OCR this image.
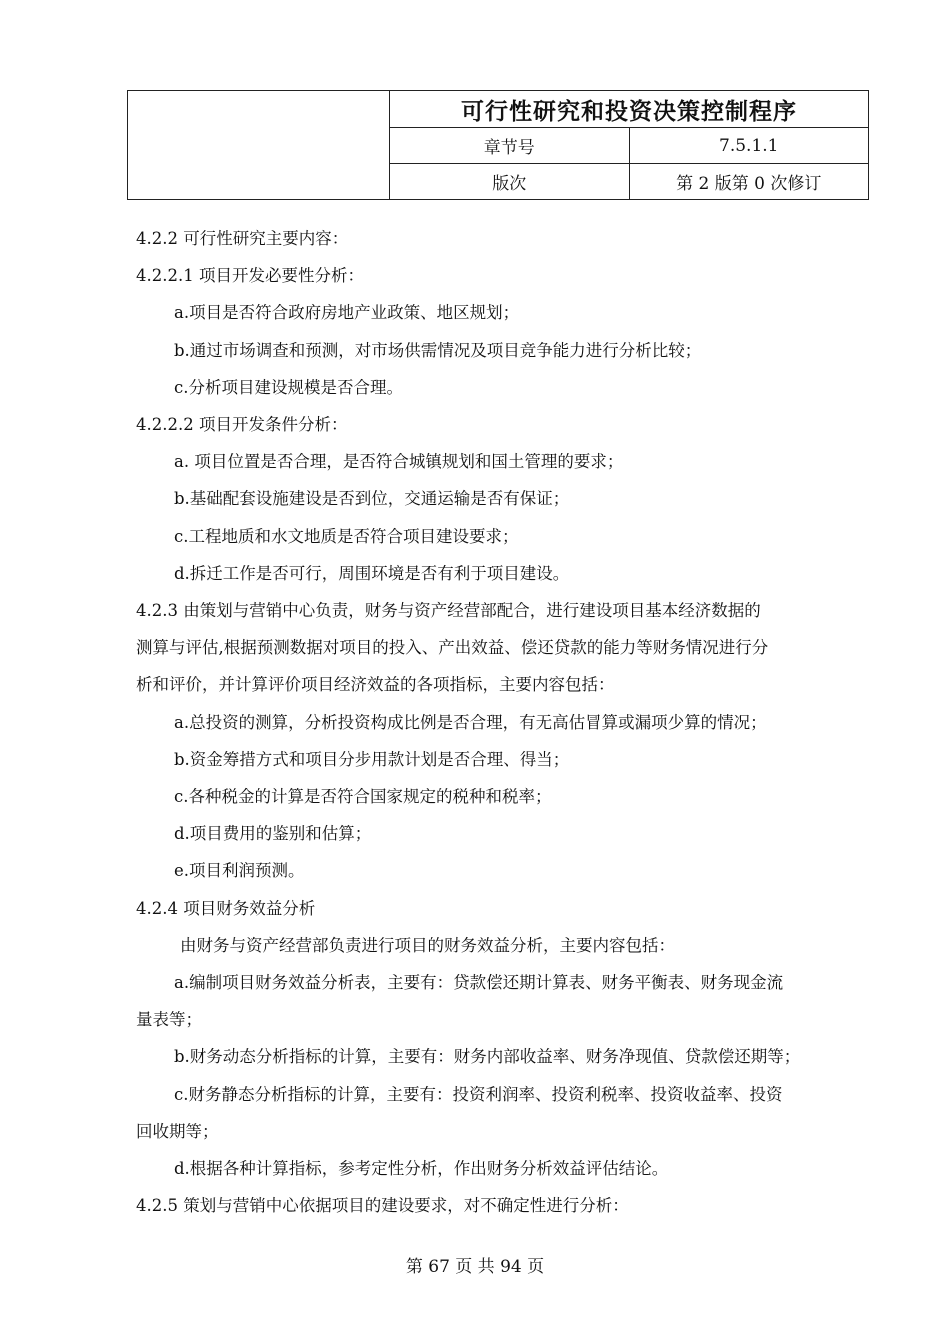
	可行性研究和投资决策控制程序	
	章节号	7.5.1.1
	版次	第 2 版第 0 次修订
4.2.2 可行性研究主要内容：
4.2.2.1 项目开发必要性分析：
a.项目是否符合政府房地产业政策、地区规划；
b.通过市场调查和预测，对市场供需情况及项目竞争能力进行分析比较；
c.分析项目建设规模是否合理。
4.2.2.2 项目开发条件分析：
a. 项目位置是否合理，是否符合城镇规划和国土管理的要求；
b.基础配套设施建设是否到位，交通运输是否有保证；
c.工程地质和水文地质是否符合项目建设要求；
d.拆迁工作是否可行，周围环境是否有利于项目建设。
4.2.3 由策划与营销中心负责，财务与资产经营部配合，进行建设项目基本经济数据的
测算与评估,根据预测数据对项目的投入、产出效益、偿还贷款的能力等财务情况进行分
析和评价，并计算评价项目经济效益的各项指标，主要内容包括：
a.总投资的测算，分析投资构成比例是否合理，有无高估冒算或漏项少算的情况；
b.资金筹措方式和项目分步用款计划是否合理、得当；
c.各种税金的计算是否符合国家规定的税种和税率；
d.项目费用的鉴别和估算；
e.项目利润预测。
4.2.4 项目财务效益分析
由财务与资产经营部负责进行项目的财务效益分析，主要内容包括：
a.编制项目财务效益分析表，主要有：贷款偿还期计算表、财务平衡表、财务现金流
量表等；
b.财务动态分析指标的计算，主要有：财务内部收益率、财务净现值、贷款偿还期等；
c.财务静态分析指标的计算，主要有：投资利润率、投资利税率、投资收益率、投资
回收期等；
d.根据各种计算指标，参考定性分析，作出财务分析效益评估结论。
4.2.5 策划与营销中心依据项目的建设要求，对不确定性进行分析：
第 67 页 共 94 页
